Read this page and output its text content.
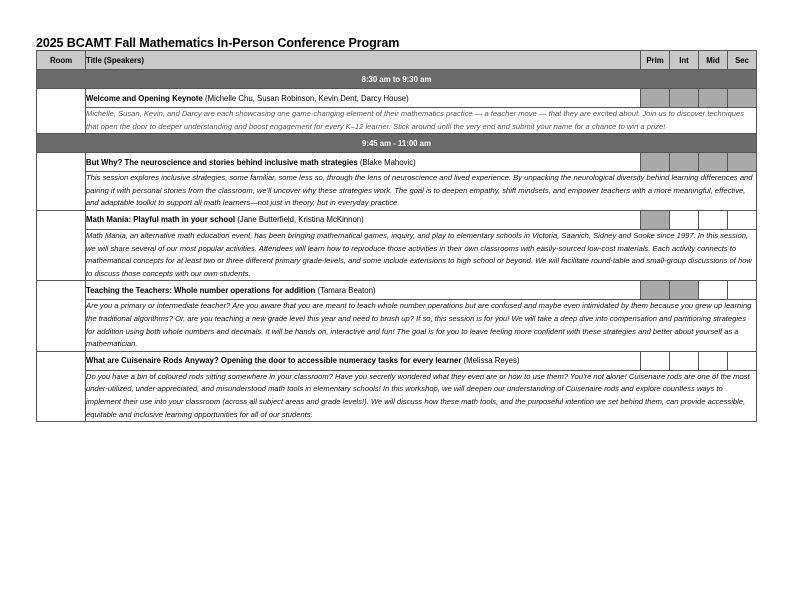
2025 BCAMT Fall Mathematics In-Person Conference Program
Room	Title (Speakers)	Prim	Int	Mid	Sec
8:30 am to 9:30 am					
	Welcome and Opening Keynote (Michelle Chu, Susan Robinson, Kevin Dent, Darcy House)				
	Michelle, Susan, Kevin, and Darcy are each showcasing one game-changing element of their mathematics practice — a teacher move — that they are excited about. Join us to discover techniques that open the door to deeper understanding and boost engagement for every K–12 learner. Stick around until the very end and submit your name for a chance to win a prize!				
9:45 am - 11:00 am					
	But Why? The neuroscience and stories behind inclusive math strategies (Blake Mahovic)				
	This session explores inclusive strategies, some familiar, some less so, through the lens of neuroscience and lived experience. By unpacking the neurological diversity behind learning differences and pairing it with personal stories from the classroom, we'll uncover why these strategies work. The goal is to deepen empathy, shift mindsets, and empower teachers with a more meaningful, effective, and adaptable toolkit to support all math learners—not just in theory, but in everyday practice.				
	Math Mania: Playful math in your school (Jane Butterfield, Kristina McKinnon)				
	Math Mania, an alternative math education event, has been bringing mathematical games, inquiry, and play to elementary schools in Victoria, Saanich, Sidney and Sooke since 1997. In this session, we will share several of our most popular activities. Attendees will learn how to reproduce those activities in their own classrooms with easily-sourced low-cost materials. Each activity connects to mathematical concepts for at least two or three different primary grade-levels, and some include extensions to high school or beyond. We will facilitate round-table and small-group discussions of how to discuss those concepts with our own students.				
	Teaching the Teachers: Whole number operations for addition (Tamara Beaton)				
	Are you a primary or intermediate teacher? Are you aware that you are meant to teach whole number operations but are confused and maybe even intimidated by them because you grew up learning the traditional algorithms? Or, are you teaching a new grade level this year and need to brush up? If so, this session is for you! We will take a deep dive into compensation and partitioning strategies for addition using both whole numbers and decimals. It will be hands on, interactive and fun! The goal is for you to leave feeling more confident with these strategies and better about yourself as a mathematician.				
	What are Cuisenaire Rods Anyway? Opening the door to accessible numeracy tasks for every learner (Melissa Reyes)				
	Do you have a bin of coloured rods sitting somewhere in your classroom? Have you secretly wondered what they even are or how to use them? You're not alone! Cuisenaire rods are one of the most under-utilized, under-appreciated, and misunderstood math tools in elementary schools! In this workshop, we will deepen our understanding of Cuisenaire rods and explore countless ways to implement their use into your classroom (across all subject areas and grade levels!). We will discuss how these math tools, and the purposeful intention we set behind them, can provide accessible, equitable and inclusive learning opportunities for all of our students.				
